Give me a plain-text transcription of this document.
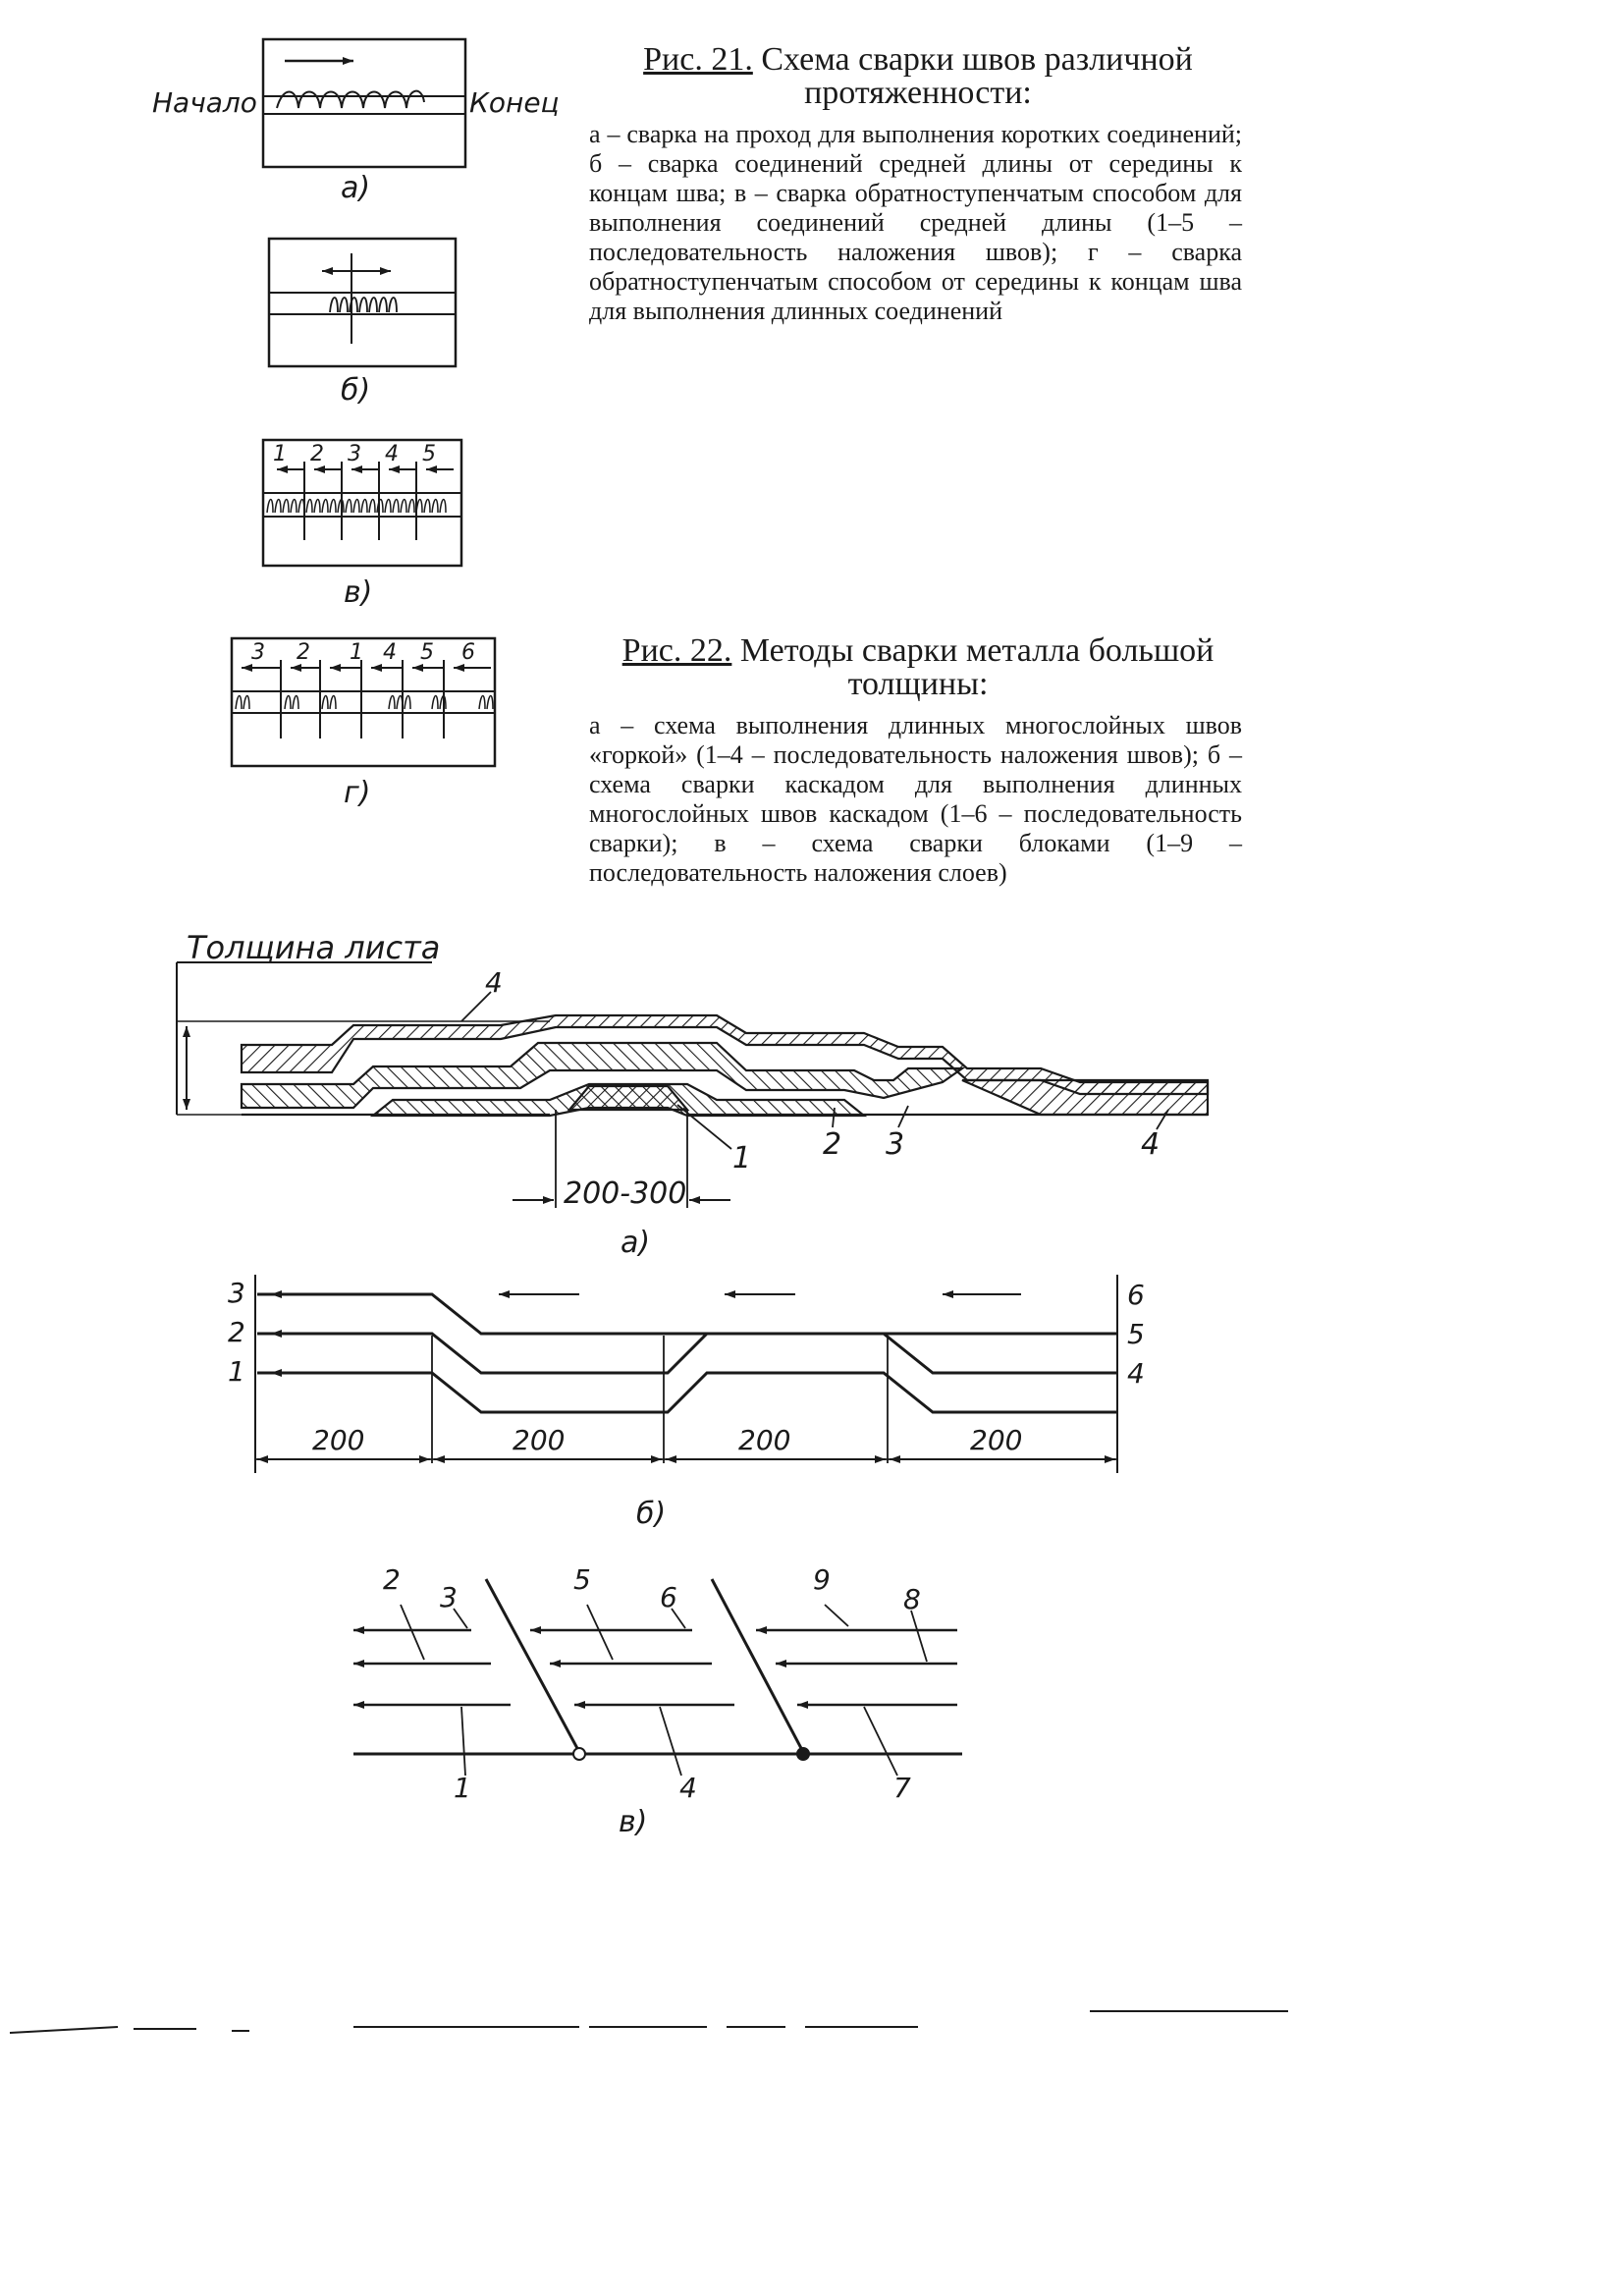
Рис. 21. Схема сварки швов различной
протяженности:
а – сварка на проход для выполнения коротких соединений; б – сварка соединений средней длины от середины к концам шва; в – сварка обратноступенчатым способом для выполнения соединений средней длины (1–5 – последовательность наложения швов); г – сварка обратноступенчатым способом от середины к концам шва для выполнения длинных соединений
Рис. 22. Методы сварки металла большой
толщины:
а – схема выполнения длинных многослойных швов «горкой» (1–4 – последовательность наложения швов); б – схема сварки каскадом для выполнения длинных многослойных швов каскадом (1–6 – последовательность сварки); в – схема сварки блоками (1–9 – последовательность наложения слоев)
Начало	Конец
а)
б)
в)
г)
1 2 3 4 5
3 2 1 4 5 6
Толщина листа
4
1 2 3	4
200-300
а)
3
2
1
6
5
4
200	200	200	200
б)
2
3
5
6
9
8
1	4	7
в)
